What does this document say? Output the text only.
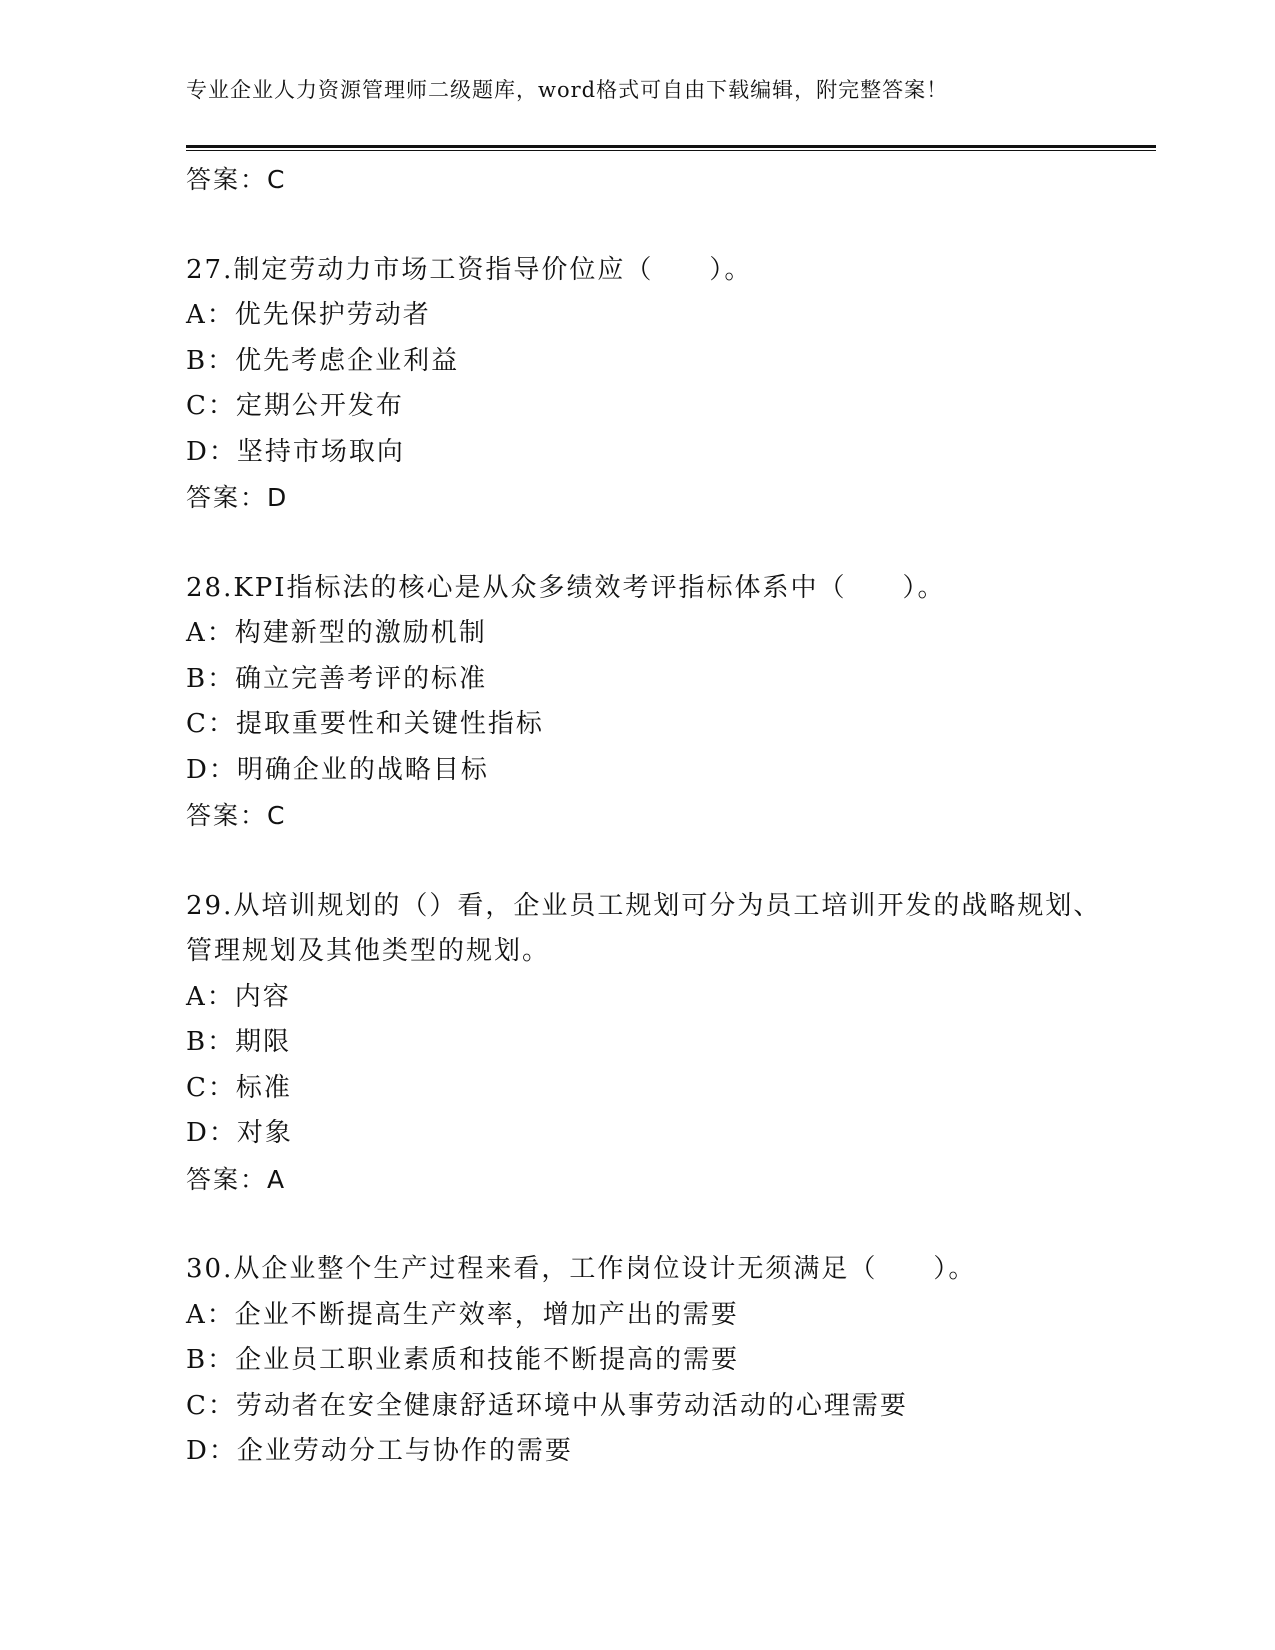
专业企业人力资源管理师二级题库，word格式可自由下载编辑，附完整答案！
答案：C
27.制定劳动力市场工资指导价位应（　　）。
A：优先保护劳动者
B：优先考虑企业利益
C：定期公开发布
D：坚持市场取向
答案：D
28.KPI指标法的核心是从众多绩效考评指标体系中（　　）。
A：构建新型的激励机制
B：确立完善考评的标准
C：提取重要性和关键性指标
D：明确企业的战略目标
答案：C
29.从培训规划的（）看，企业员工规划可分为员工培训开发的战略规划、管理规划及其他类型的规划。
A：内容
B：期限
C：标准
D：对象
答案：A
30.从企业整个生产过程来看，工作岗位设计无须满足（　　）。
A：企业不断提高生产效率，增加产出的需要
B：企业员工职业素质和技能不断提高的需要
C：劳动者在安全健康舒适环境中从事劳动活动的心理需要
D：企业劳动分工与协作的需要
